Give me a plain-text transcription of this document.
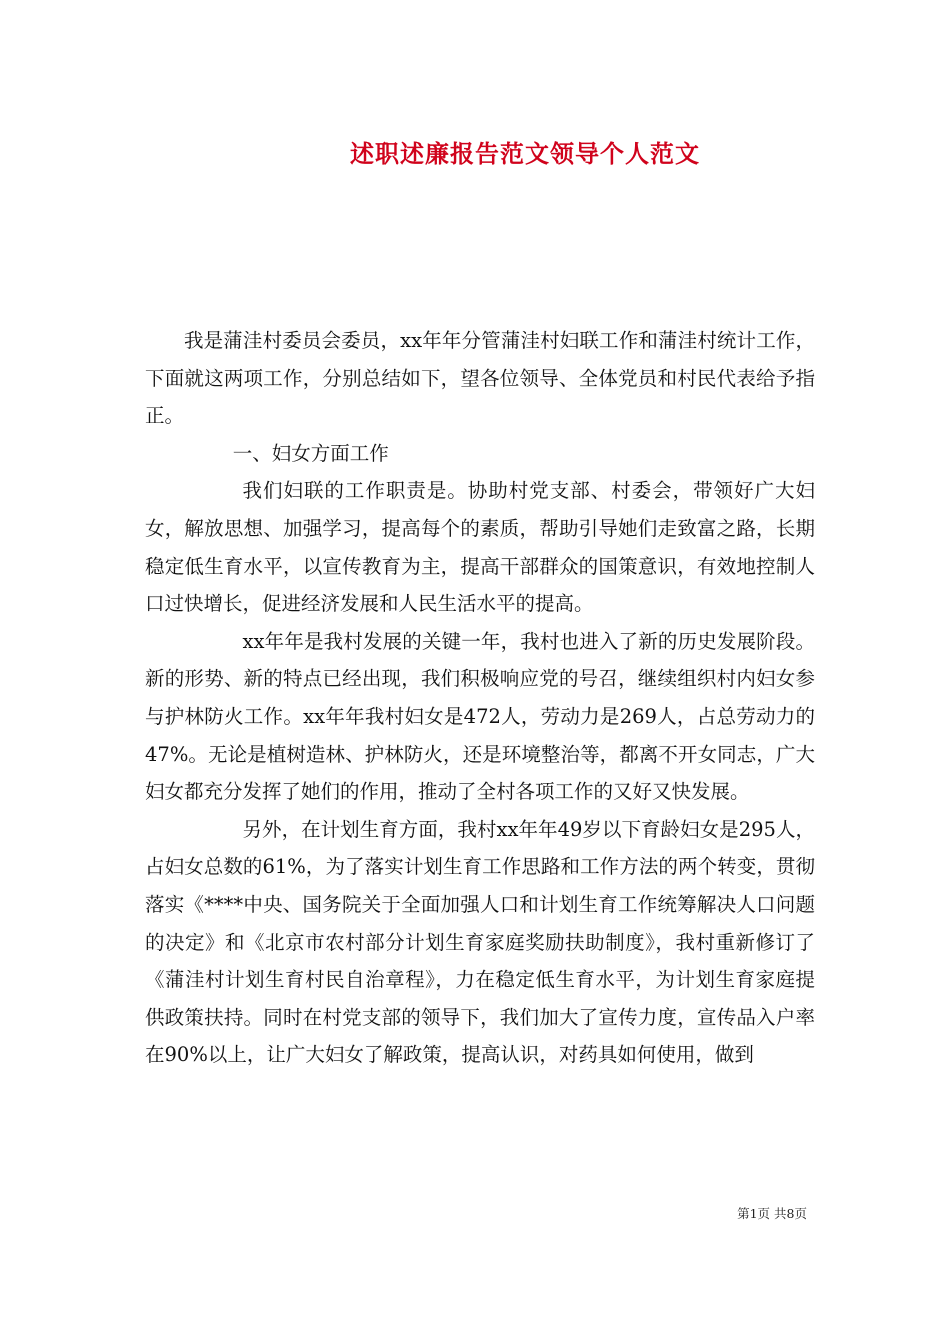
述职述廉报告范文领导个人范文

我是蒲洼村委员会委员，xx年年分管蒲洼村妇联工作和蒲洼村统计工作，下面就这两项工作，分别总结如下，望各位领导、全体党员和村民代表给予指正。

一、妇女方面工作

我们妇联的工作职责是。协助村党支部、村委会，带领好广大妇女，解放思想、加强学习，提高每个的素质，帮助引导她们走致富之路，长期稳定低生育水平，以宣传教育为主，提高干部群众的国策意识，有效地控制人口过快增长，促进经济发展和人民生活水平的提高。

xx年年是我村发展的关键一年，我村也进入了新的历史发展阶段。新的形势、新的特点已经出现，我们积极响应党的号召，继续组织村内妇女参与护林防火工作。xx年年我村妇女是472人，劳动力是269人，占总劳动力的47%。无论是植树造林、护林防火，还是环境整治等，都离不开女同志，广大妇女都充分发挥了她们的作用，推动了全村各项工作的又好又快发展。

另外，在计划生育方面，我村xx年年49岁以下育龄妇女是295人，占妇女总数的61%，为了落实计划生育工作思路和工作方法的两个转变，贯彻落实《****中央、国务院关于全面加强人口和计划生育工作统筹解决人口问题的决定》和《北京市农村部分计划生育家庭奖励扶助制度》，我村重新修订了《蒲洼村计划生育村民自治章程》，力在稳定低生育水平，为计划生育家庭提供政策扶持。同时在村党支部的领导下，我们加大了宣传力度，宣传品入户率在90%以上，让广大妇女了解政策，提高认识，对药具如何使用，做到

第1页 共8页
